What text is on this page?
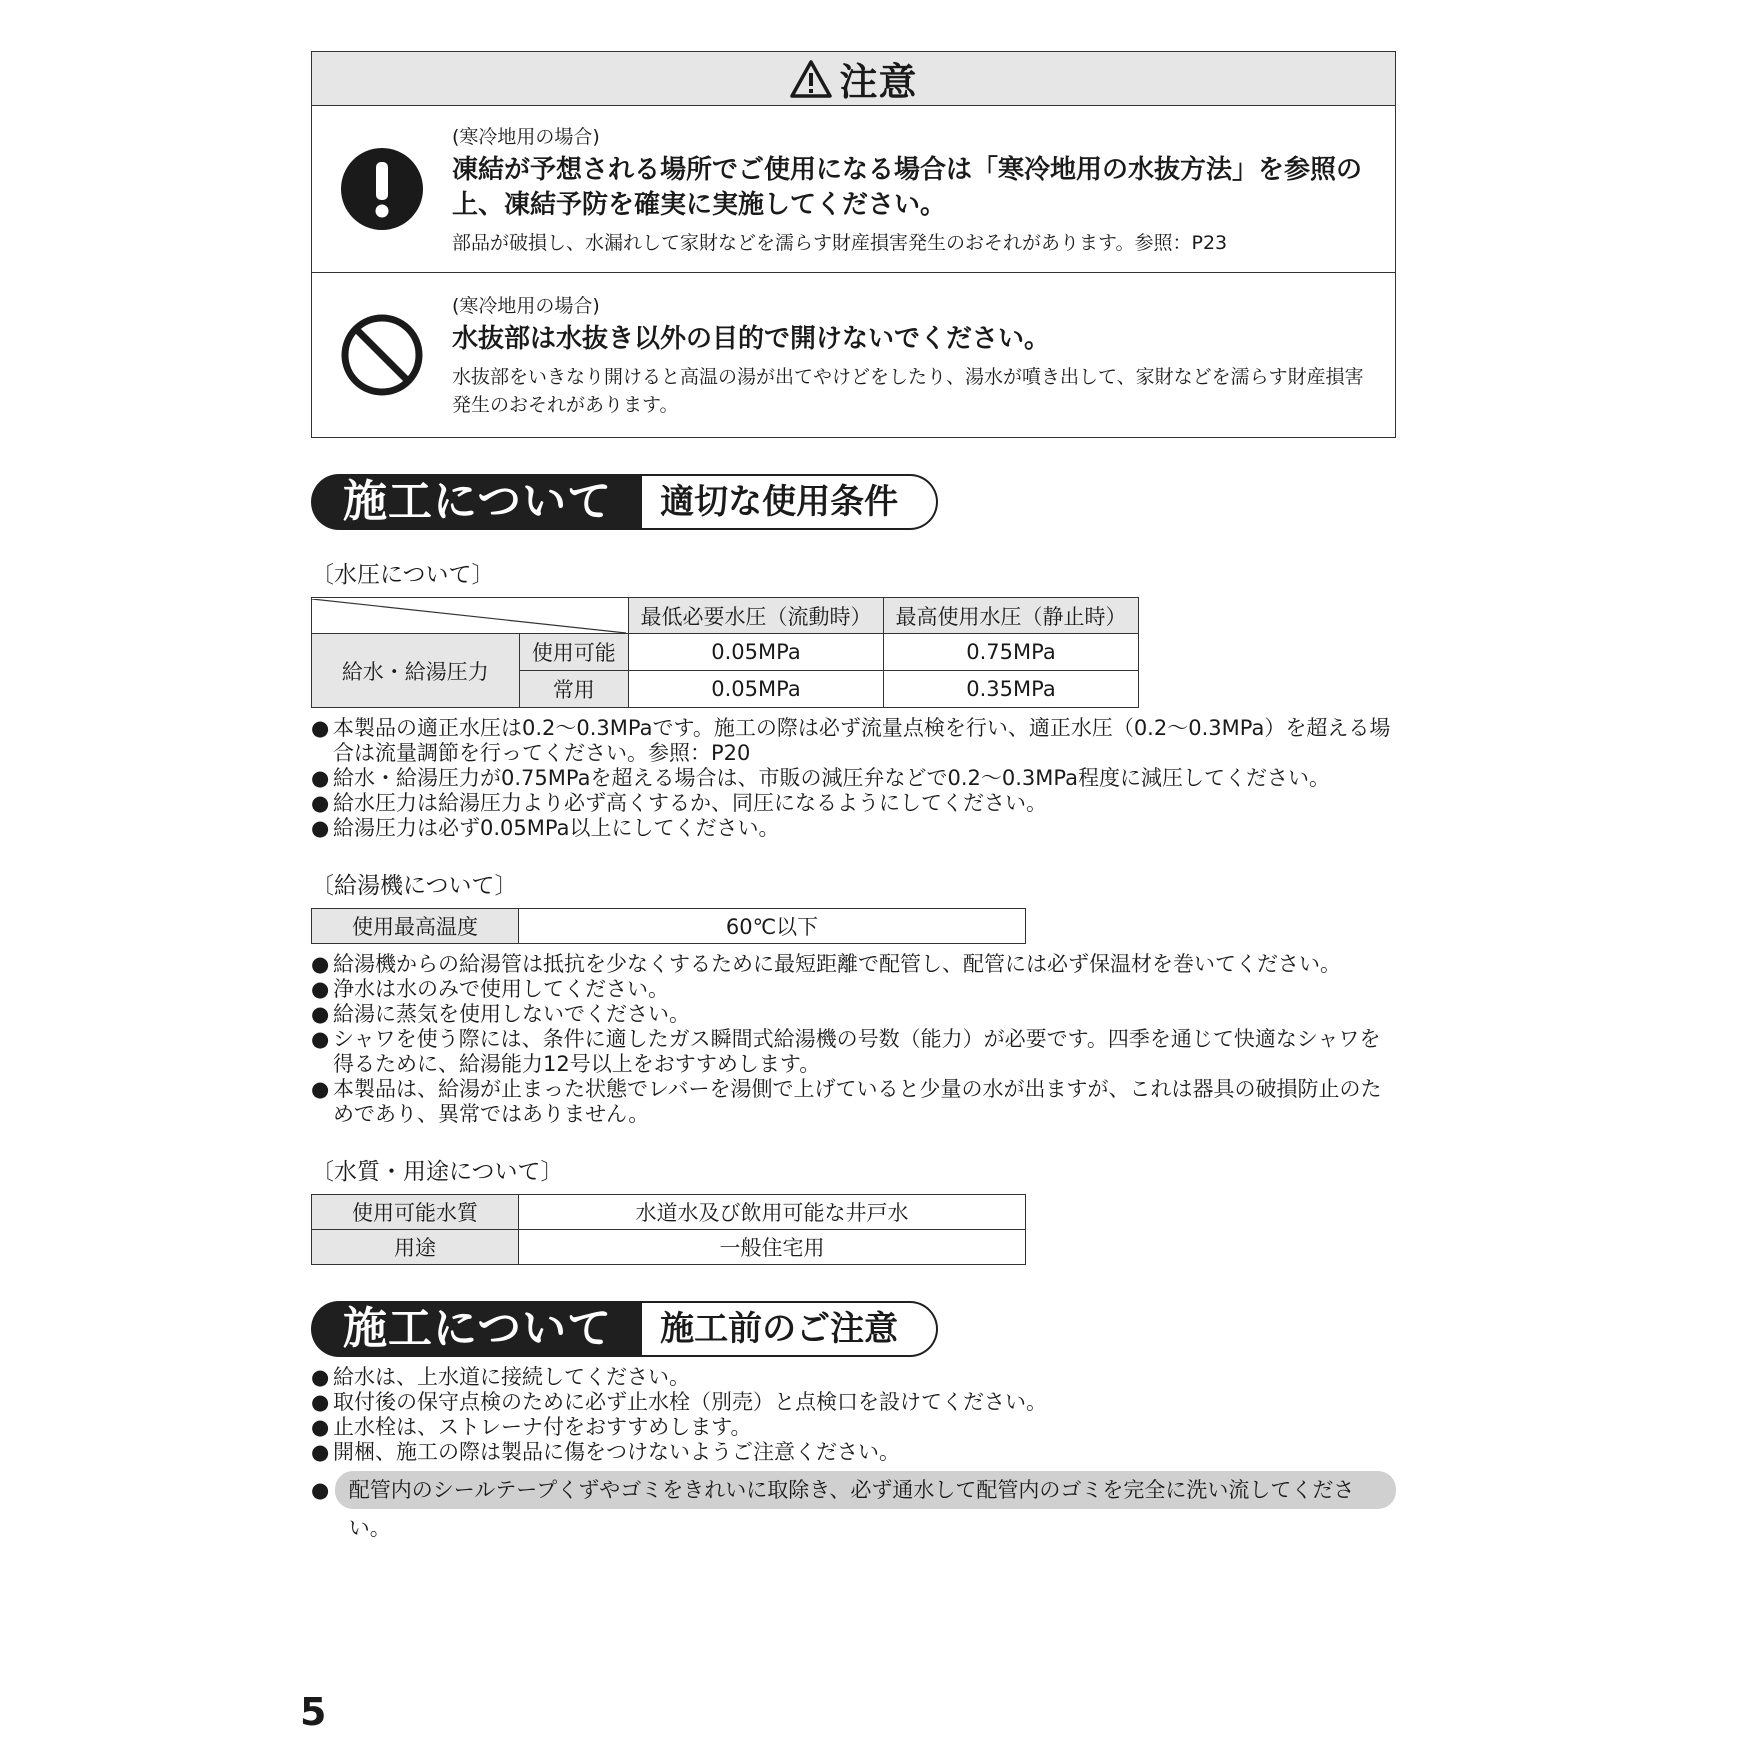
注意
(寒冷地用の場合)
凍結が予想される場所でご使用になる場合は「寒冷地用の水抜方法」を参照の上、凍結予防を確実に実施してください。
部品が破損し、水漏れして家財などを濡らす財産損害発生のおそれがあります。参照：P23
(寒冷地用の場合)
水抜部は水抜き以外の目的で開けないでください。
水抜部をいきなり開けると高温の湯が出てやけどをしたり、湯水が噴き出して、家財などを濡らす財産損害発生のおそれがあります。
施工について	適切な使用条件
〔水圧について〕
	最低必要水圧（流動時）	最高使用水圧（静止時）
給水・給湯圧力	使用可能	0.05MPa	0.75MPa
	常用	0.05MPa	0.35MPa
● 本製品の適正水圧は0.2〜0.3MPaです。施工の際は必ず流量点検を行い、適正水圧（0.2〜0.3MPa）を超える場合は流量調節を行ってください。参照：P20
● 給水・給湯圧力が0.75MPaを超える場合は、市販の減圧弁などで0.2〜0.3MPa程度に減圧してください。
● 給水圧力は給湯圧力より必ず高くするか、同圧になるようにしてください。
● 給湯圧力は必ず0.05MPa以上にしてください。
〔給湯機について〕
使用最高温度	60℃以下
● 給湯機からの給湯管は抵抗を少なくするために最短距離で配管し、配管には必ず保温材を巻いてください。
● 浄水は水のみで使用してください。
● 給湯に蒸気を使用しないでください。
● シャワを使う際には、条件に適したガス瞬間式給湯機の号数（能力）が必要です。四季を通じて快適なシャワを得るために、給湯能力12号以上をおすすめします。
● 本製品は、給湯が止まった状態でレバーを湯側で上げていると少量の水が出ますが、これは器具の破損防止のためであり、異常ではありません。
〔水質・用途について〕
使用可能水質	水道水及び飲用可能な井戸水
用途	一般住宅用
施工について	施工前のご注意
● 給水は、上水道に接続してください。
● 取付後の保守点検のために必ず止水栓（別売）と点検口を設けてください。
● 止水栓は、ストレーナ付をおすすめします。
● 開梱、施工の際は製品に傷をつけないようご注意ください。
● 配管内のシールテープくずやゴミをきれいに取除き、必ず通水して配管内のゴミを完全に洗い流してください。
5
